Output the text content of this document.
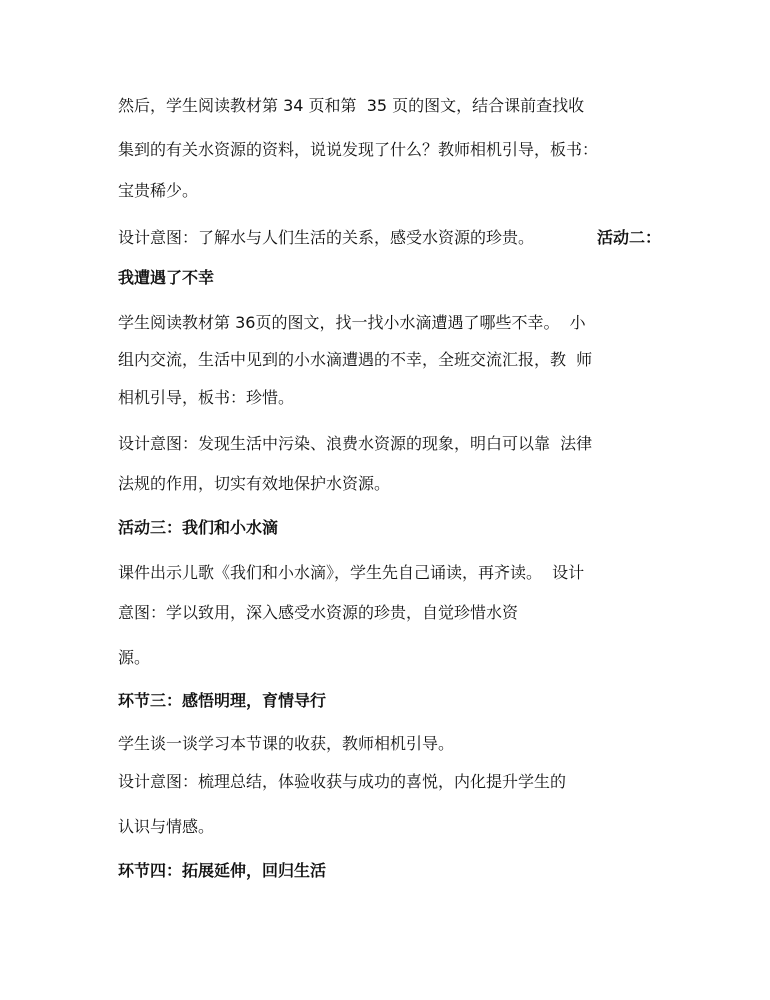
然后，学生阅读教材第 34 页和第  35 页的图文，结合课前查找收
集到的有关水资源的资料，说说发现了什么？教师相机引导，板书：
宝贵稀少。
设计意图：了解水与人们生活的关系，感受水资源的珍贵。	活动二：
我遭遇了不幸
学生阅读教材第 36页的图文，找一找小水滴遭遇了哪些不幸。  小
组内交流，生活中见到的小水滴遭遇的不幸，全班交流汇报，教  师
相机引导，板书：珍惜。
设计意图：发现生活中污染、浪费水资源的现象，明白可以靠  法律
法规的作用，切实有效地保护水资源。
活动三：我们和小水滴
课件出示儿歌《我们和小水滴》，学生先自己诵读，再齐读。  设计
意图：学以致用，深入感受水资源的珍贵，自觉珍惜水资
源。
环节三：感悟明理，育情导行
学生谈一谈学习本节课的收获，教师相机引导。
设计意图：梳理总结，体验收获与成功的喜悦，内化提升学生的
认识与情感。
环节四：拓展延伸，回归生活
